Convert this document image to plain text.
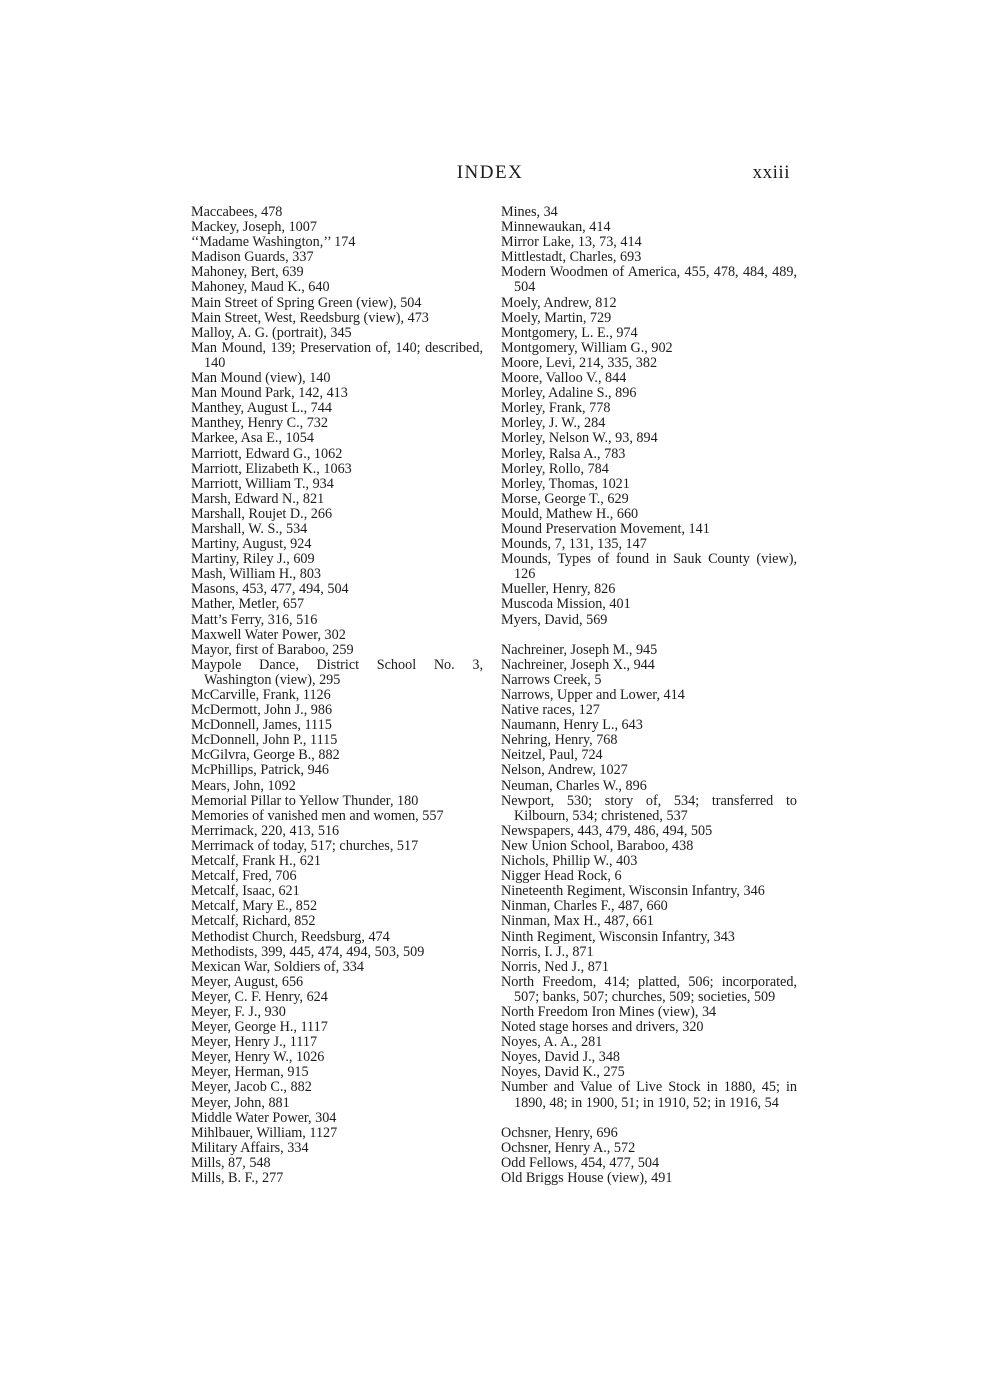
INDEX	xxiii

Maccabees, 478

Mackey, Joseph, 1007

‘‘Madame Washington,’’ 174

Madison Guards, 337

Mahoney, Bert, 639

Mahoney, Maud K., 640

Main Street of Spring Green (view), 504

Main Street, West, Reedsburg (view), 473

Malloy, A. G. (portrait), 345

Man Mound, 139; Preservation of, 140; described, 140

Man Mound (view), 140

Man Mound Park, 142, 413

Manthey, August L., 744

Manthey, Henry C., 732

Markee, Asa E., 1054

Marriott, Edward G., 1062

Marriott, Elizabeth K., 1063

Marriott, William T., 934

Marsh, Edward N., 821

Marshall, Roujet D., 266

Marshall, W. S., 534

Martiny, August, 924

Martiny, Riley J., 609

Mash, William H., 803

Masons, 453, 477, 494, 504

Mather, Metler, 657

Matt’s Ferry, 316, 516

Maxwell Water Power, 302

Mayor, first of Baraboo, 259

Maypole Dance, District School No. 3, Washington (view), 295

McCarville, Frank, 1126

McDermott, John J., 986

McDonnell, James, 1115

McDonnell, John P., 1115

McGilvra, George B., 882

McPhillips, Patrick, 946

Mears, John, 1092

Memorial Pillar to Yellow Thunder, 180

Memories of vanished men and women, 557

Merrimack, 220, 413, 516

Merrimack of today, 517; churches, 517

Metcalf, Frank H., 621

Metcalf, Fred, 706

Metcalf, Isaac, 621

Metcalf, Mary E., 852

Metcalf, Richard, 852

Methodist Church, Reedsburg, 474

Methodists, 399, 445, 474, 494, 503, 509

Mexican War, Soldiers of, 334

Meyer, August, 656

Meyer, C. F. Henry, 624

Meyer, F. J., 930

Meyer, George H., 1117

Meyer, Henry J., 1117

Meyer, Henry W., 1026

Meyer, Herman, 915

Meyer, Jacob C., 882

Meyer, John, 881

Middle Water Power, 304

Mihlbauer, William, 1127

Military Affairs, 334

Mills, 87, 548

Mills, B. F., 277

Mines, 34

Minnewaukan, 414

Mirror Lake, 13, 73, 414

Mittlestadt, Charles, 693

Modern Woodmen of America, 455, 478, 484, 489, 504

Moely, Andrew, 812

Moely, Martin, 729

Montgomery, L. E., 974

Montgomery, William G., 902

Moore, Levi, 214, 335, 382

Moore, Valloo V., 844

Morley, Adaline S., 896

Morley, Frank, 778

Morley, J. W., 284

Morley, Nelson W., 93, 894

Morley, Ralsa A., 783

Morley, Rollo, 784

Morley, Thomas, 1021

Morse, George T., 629

Mould, Mathew H., 660

Mound Preservation Movement, 141

Mounds, 7, 131, 135, 147

Mounds, Types of found in Sauk County (view), 126

Mueller, Henry, 826

Muscoda Mission, 401

Myers, David, 569

Nachreiner, Joseph M., 945

Nachreiner, Joseph X., 944

Narrows Creek, 5

Narrows, Upper and Lower, 414

Native races, 127

Naumann, Henry L., 643

Nehring, Henry, 768

Neitzel, Paul, 724

Nelson, Andrew, 1027

Neuman, Charles W., 896

Newport, 530; story of, 534; transferred to Kilbourn, 534; christened, 537

Newspapers, 443, 479, 486, 494, 505

New Union School, Baraboo, 438

Nichols, Phillip W., 403

Nigger Head Rock, 6

Nineteenth Regiment, Wisconsin Infantry, 346

Ninman, Charles F., 487, 660

Ninman, Max H., 487, 661

Ninth Regiment, Wisconsin Infantry, 343

Norris, I. J., 871

Norris, Ned J., 871

North Freedom, 414; platted, 506; incorporated, 507; banks, 507; churches, 509; societies, 509

North Freedom Iron Mines (view), 34

Noted stage horses and drivers, 320

Noyes, A. A., 281

Noyes, David J., 348

Noyes, David K., 275

Number and Value of Live Stock in 1880, 45; in 1890, 48; in 1900, 51; in 1910, 52; in 1916, 54

Ochsner, Henry, 696

Ochsner, Henry A., 572

Odd Fellows, 454, 477, 504

Old Briggs House (view), 491
